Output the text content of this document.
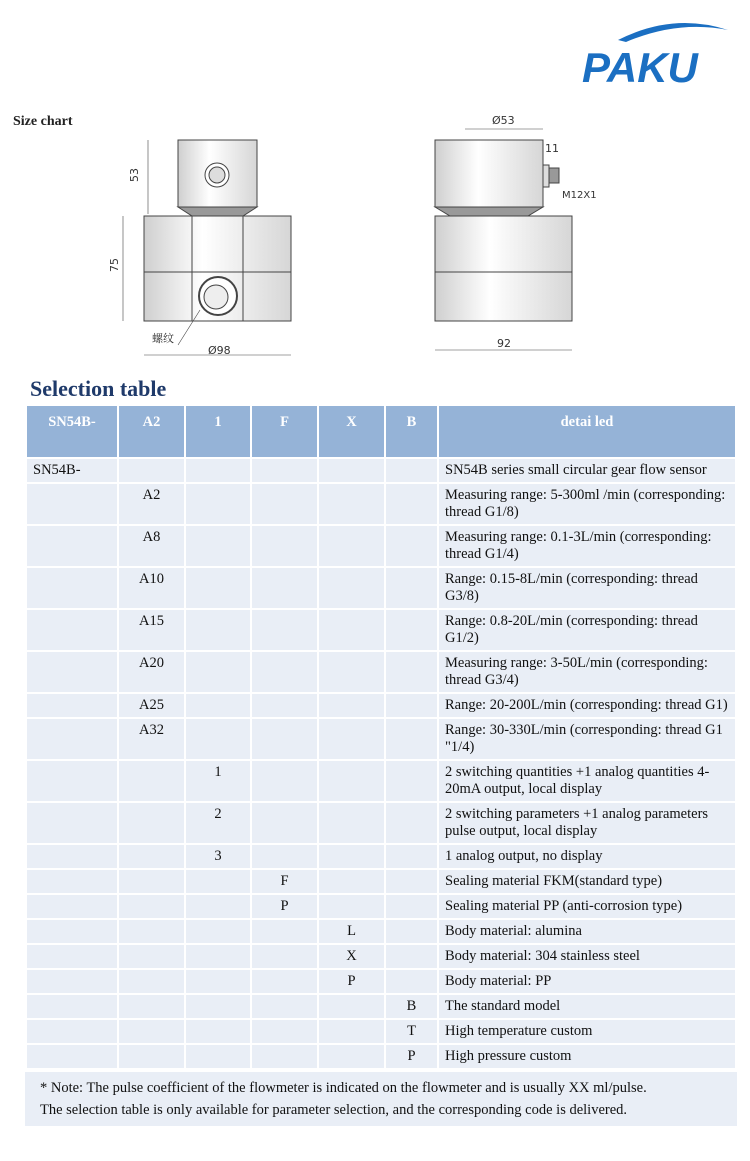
PAKU
Size chart
53
75
螺纹
Ø98
Ø53
11
M12X1
92
Selection table
SN54B-	A2	1	F	X	B	detai led
SN54B-						SN54B series small circular gear flow sensor
	A2					Measuring range: 5-300ml /min (corresponding: thread G1/8)
	A8					Measuring range: 0.1-3L/min (corresponding: thread G1/4)
	A10					Range: 0.15-8L/min (corresponding: thread G3/8)
	A15					Range: 0.8-20L/min (corresponding: thread G1/2)
	A20					Measuring range: 3-50L/min (corresponding: thread G3/4)
	A25					Range: 20-200L/min (corresponding: thread G1)
	A32					Range: 30-330L/min (corresponding: thread G1 "1/4)
		1				2 switching quantities +1 analog quantities 4-20mA output, local display
		2				2 switching parameters +1 analog parameters pulse output, local display
		3				1 analog output, no display
			F			Sealing material FKM(standard type)
			P			Sealing material PP (anti-corrosion type)
				L		Body material: alumina
				X		Body material: 304 stainless steel
				P		Body material: PP
					B	The standard model
					T	High temperature custom
					P	High pressure custom
* Note: The pulse coefficient of the flowmeter is indicated on the flowmeter and is usually XX ml/pulse.
The selection table is only available for parameter selection, and the corresponding code is delivered.
